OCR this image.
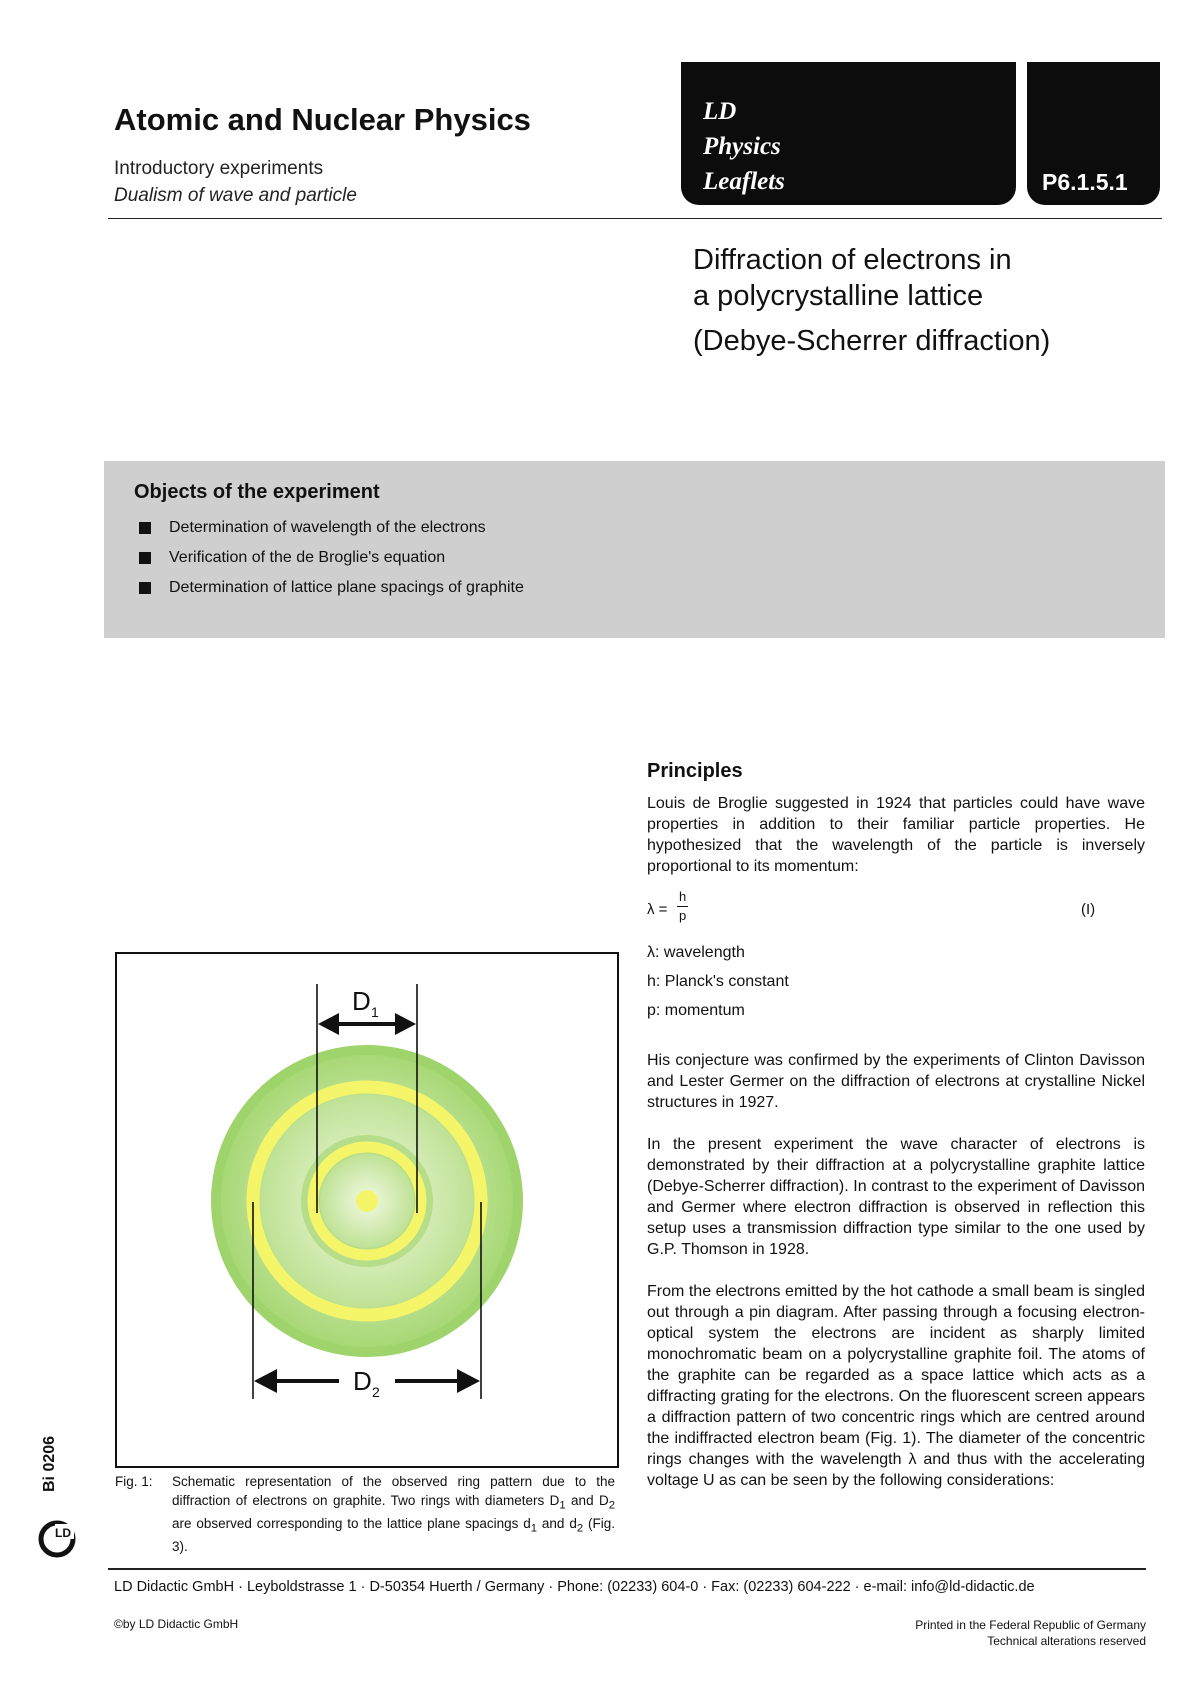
Atomic and Nuclear Physics
Introductory experiments
Dualism of wave and particle
LD
Physics
Leaflets	P6.1.5.1
Diffraction of electrons in
a polycrystalline lattice
(Debye-Scherrer diffraction)
Objects of the experiment
Determination of wavelength of the electrons
Verification of the de Broglie's equation
Determination of lattice plane spacings of graphite
D 1
D 2
Fig. 1: Schematic representation of the observed ring pattern due to the diffraction of electrons on graphite. Two rings with diameters $D_1$ and $D_2$ are observed corresponding to the lattice plane spacings $d_1$ and $d_2$ (Fig. 3).
Principles

Louis de Broglie suggested in 1924 that particles could have wave properties in addition to their familiar particle properties. He hypothesized that the wavelength of the particle is inversely proportional to its momentum:

$\lambda = \frac{h}{p}$	(I)
λ: wavelength
h: Planck's constant
p: momentum

His conjecture was confirmed by the experiments of Clinton Davisson and Lester Germer on the diffraction of electrons at crystalline Nickel structures in 1927.

In the present experiment the wave character of electrons is demonstrated by their diffraction at a polycrystalline graphite lattice (Debye-Scherrer diffraction). In contrast to the experiment of Davisson and Germer where electron diffraction is observed in reflection this setup uses a transmission diffraction type similar to the one used by G.P. Thomson in 1928.

From the electrons emitted by the hot cathode a small beam is singled out through a pin diagram. After passing through a focusing electron-optical system the electrons are incident as sharply limited monochromatic beam on a polycrystalline graphite foil. The atoms of the graphite can be regarded as a space lattice which acts as a diffracting grating for the electrons. On the fluorescent screen appears a diffraction pattern of two concentric rings which are centred around the indiffracted electron beam (Fig. 1). The diameter of the concentric rings changes with the wavelength λ and thus with the accelerating voltage U as can be seen by the following considerations:

Bi 0206
LD
LD Didactic GmbH · Leyboldstrasse 1 · D-50354 Huerth / Germany · Phone: (02233) 604-0 · Fax: (02233) 604-222 · e-mail: info@ld-didactic.de
©by LD Didactic GmbH	Printed in the Federal Republic of Germany
Technical alterations reserved
